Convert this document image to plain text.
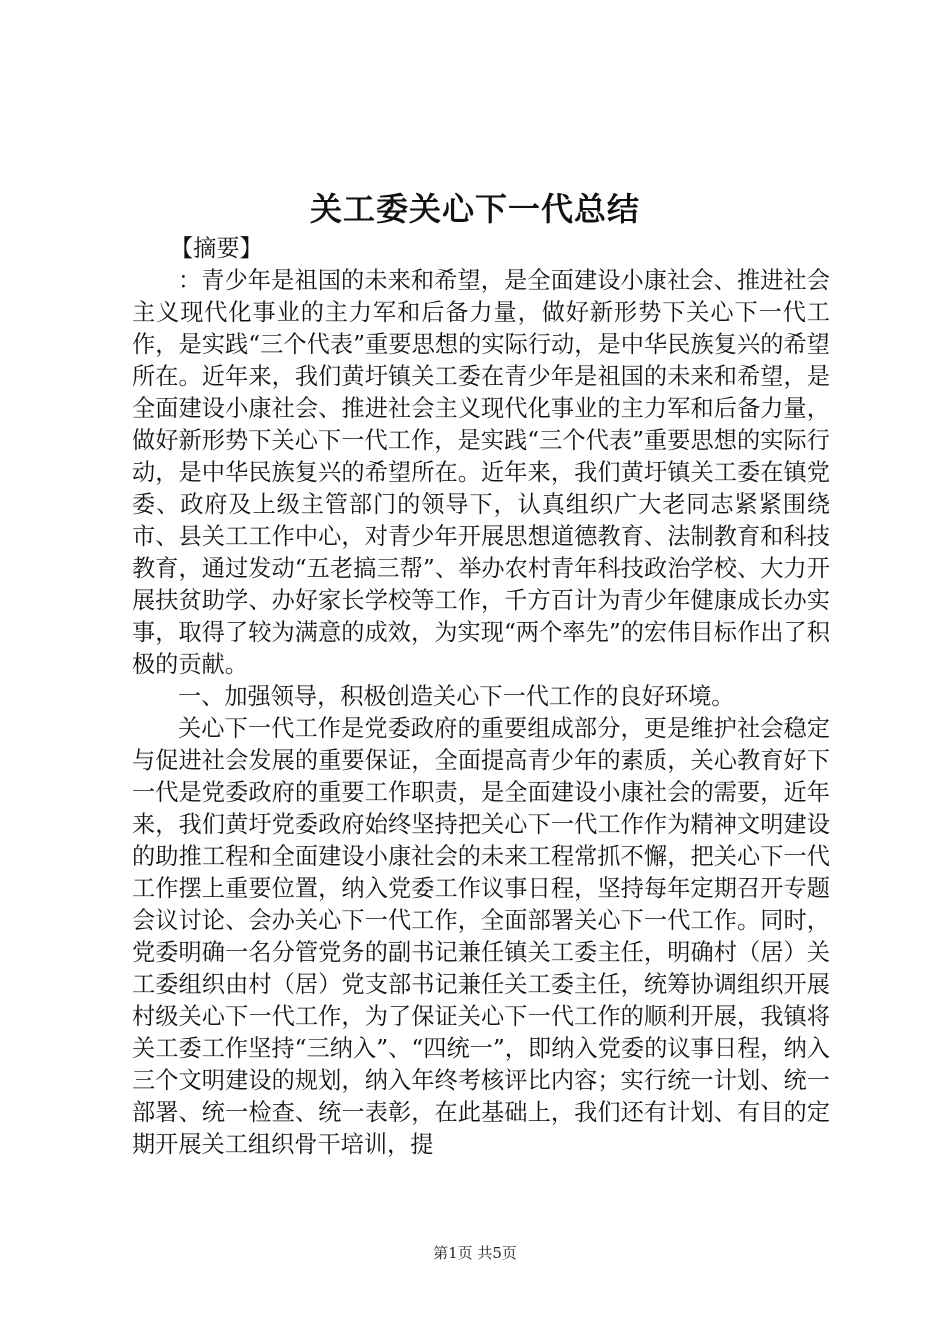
关工委关心下一代总结

【摘要】

：青少年是祖国的未来和希望，是全面建设小康社会、推进社会主义现代化事业的主力军和后备力量，做好新形势下关心下一代工作，是实践“三个代表”重要思想的实际行动，是中华民族复兴的希望所在。近年来，我们黄圩镇关工委在青少年是祖国的未来和希望，是全面建设小康社会、推进社会主义现代化事业的主力军和后备力量，做好新形势下关心下一代工作，是实践“三个代表”重要思想的实际行动，是中华民族复兴的希望所在。近年来，我们黄圩镇关工委在镇党委、政府及上级主管部门的领导下，认真组织广大老同志紧紧围绕市、县关工工作中心，对青少年开展思想道德教育、法制教育和科技教育，通过发动“五老搞三帮”、举办农村青年科技政治学校、大力开展扶贫助学、办好家长学校等工作，千方百计为青少年健康成长办实事，取得了较为满意的成效，为实现“两个率先”的宏伟目标作出了积极的贡献。

一、加强领导，积极创造关心下一代工作的良好环境。

关心下一代工作是党委政府的重要组成部分，更是维护社会稳定与促进社会发展的重要保证，全面提高青少年的素质，关心教育好下一代是党委政府的重要工作职责，是全面建设小康社会的需要，近年来，我们黄圩党委政府始终坚持把关心下一代工作作为精神文明建设的助推工程和全面建设小康社会的未来工程常抓不懈，把关心下一代工作摆上重要位置，纳入党委工作议事日程，坚持每年定期召开专题会议讨论、会办关心下一代工作，全面部署关心下一代工作。同时，党委明确一名分管党务的副书记兼任镇关工委主任，明确村（居）关工委组织由村（居）党支部书记兼任关工委主任，统筹协调组织开展村级关心下一代工作，为了保证关心下一代工作的顺利开展，我镇将关工委工作坚持“三纳入”、“四统一”，即纳入党委的议事日程，纳入三个文明建设的规划，纳入年终考核评比内容；实行统一计划、统一部署、统一检查、统一表彰，在此基础上，我们还有计划、有目的定期开展关工组织骨干培训，提

第1页 共5页
